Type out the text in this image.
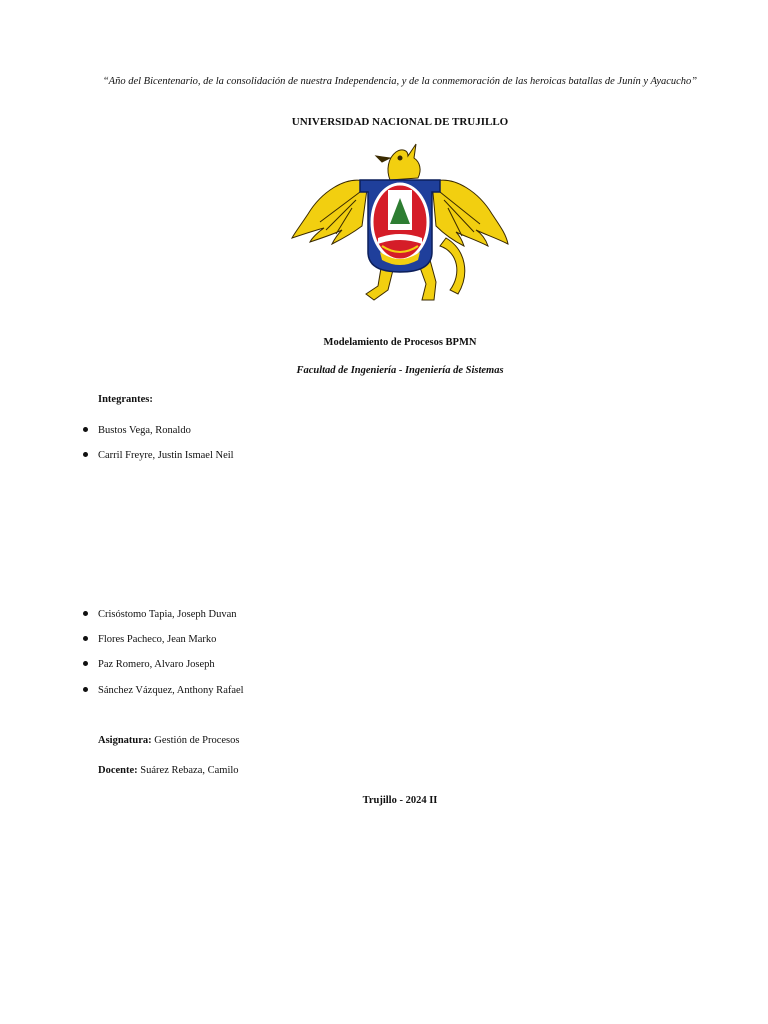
“Año del Bicentenario, de la consolidación de nuestra Independencia, y de la conmemoración de las heroicas batallas de Junín y Ayacucho”
UNIVERSIDAD NACIONAL DE TRUJILLO
Modelamiento de Procesos BPMN
Facultad de Ingeniería - Ingeniería de Sistemas
Integrantes:
Bustos Vega, Ronaldo
Carril Freyre, Justin Ismael Neil
Crisóstomo Tapia, Joseph Duvan
Flores Pacheco, Jean Marko
Paz Romero, Alvaro Joseph
Sánchez Vázquez, Anthony Rafael
Asignatura: Gestión de Procesos
Docente: Suárez Rebaza, Camilo
Trujillo - 2024 II
